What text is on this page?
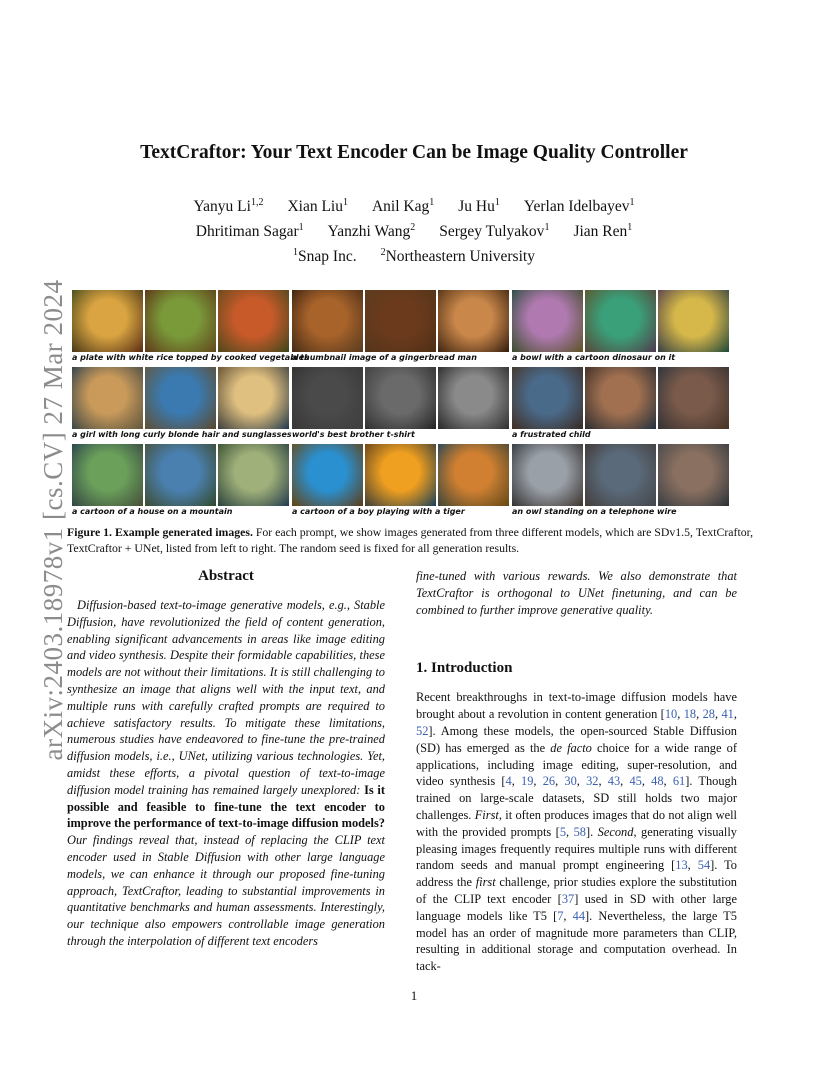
arXiv:2403.18978v1 [cs.CV] 27 Mar 2024
TextCraftor: Your Text Encoder Can be Image Quality Controller
Yanyu Li$^{1,2}$ Xian Liu$^1$ Anil Kag$^1$ Ju Hu$^1$ Yerlan Idelbayev$^1$
Dhritiman Sagar$^1$ Yanzhi Wang$^2$ Sergey Tulyakov$^1$ Jian Ren$^1$
$^1$Snap Inc. $^2$Northeastern University
a plate with white rice topped by cooked vegetables
a thumbnail image of a gingerbread man	a bowl with a cartoon dinosaur on it
a girl with long curly blonde hair and sunglasses world's best brother t-shirt	a frustrated child
a cartoon of a house on a mountain	a cartoon of a boy playing with a tiger	an owl standing on a telephone wire
Figure 1. Example generated images. For each prompt, we show images generated from three different models, which are SDv1.5, TextCraftor, TextCraftor + UNet, listed from left to right. The random seed is fixed for all generation results.
Abstract

Diffusion-based text-to-image generative models, e.g., Stable Diffusion, have revolutionized the field of content generation, enabling significant advancements in areas like image editing and video synthesis. Despite their formidable capabilities, these models are not without their limitations. It is still challenging to synthesize an image that aligns well with the input text, and multiple runs with carefully crafted prompts are required to achieve satisfactory results. To mitigate these limitations, numerous studies have endeavored to fine-tune the pre-trained diffusion models, i.e., UNet, utilizing various technologies. Yet, amidst these efforts, a pivotal question of text-to-image diffusion model training has remained largely unexplored: Is it possible and feasible to fine-tune the text encoder to improve the performance of text-to-image diffusion models? Our findings reveal that, instead of replacing the CLIP text encoder used in Stable Diffusion with other large language models, we can enhance it through our proposed fine-tuning approach, TextCraftor, leading to substantial improvements in quantitative benchmarks and human assessments. Interestingly, our technique also empowers controllable image generation through the interpolation of different text encoders

fine-tuned with various rewards. We also demonstrate that TextCraftor is orthogonal to UNet finetuning, and can be combined to further improve generative quality.

1. Introduction

Recent breakthroughs in text-to-image diffusion models have brought about a revolution in content generation [10, 18, 28, 41, 52]. Among these models, the open-sourced Stable Diffusion (SD) has emerged as the de facto choice for a wide range of applications, including image editing, super-resolution, and video synthesis [4, 19, 26, 30, 32, 43, 45, 48, 61]. Though trained on large-scale datasets, SD still holds two major challenges. First, it often produces images that do not align well with the provided prompts [5, 58]. Second, generating visually pleasing images frequently requires multiple runs with different random seeds and manual prompt engineering [13, 54]. To address the first challenge, prior studies explore the substitution of the CLIP text encoder [37] used in SD with other large language models like T5 [7, 44]. Nevertheless, the large T5 model has an order of magnitude more parameters than CLIP, resulting in additional storage and computation overhead. In tack-

1
